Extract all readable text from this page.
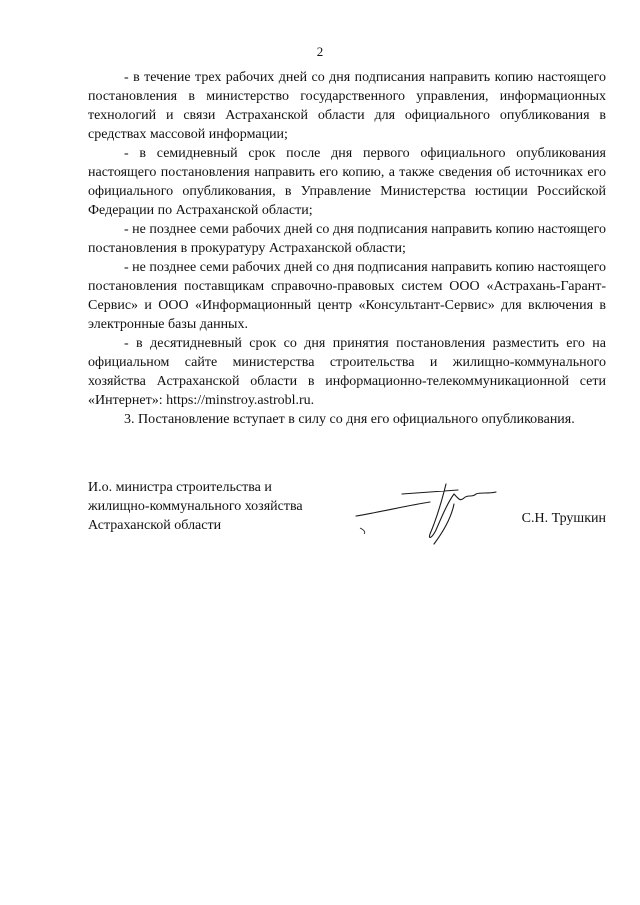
2

- в течение трех рабочих дней со дня подписания направить копию настоящего постановления в министерство государственного управления, информационных технологий и связи Астраханской области для официального опубликования в средствах массовой информации;

- в семидневный срок после дня первого официального опубликования настоящего постановления направить его копию, а также сведения об источниках его официального опубликования, в Управление Министерства юстиции Российской Федерации по Астраханской области;

- не позднее семи рабочих дней со дня подписания направить копию настоящего постановления в прокуратуру Астраханской области;

- не позднее семи рабочих дней со дня подписания направить копию настоящего постановления поставщикам справочно-правовых систем ООО «Астрахань-Гарант-Сервис» и ООО «Информационный центр «Консультант-Сервис» для включения в электронные базы данных.

- в десятидневный срок со дня принятия постановления разместить его на официальном сайте министерства строительства и жилищно-коммунального хозяйства Астраханской области в информационно-телекоммуникационной сети «Интернет»: https://minstroy.astrobl.ru.

3. Постановление вступает в силу со дня его официального опубликования.

И.о. министра строительства и
жилищно-коммунального хозяйства
Астраханской области	С.Н. Трушкин
